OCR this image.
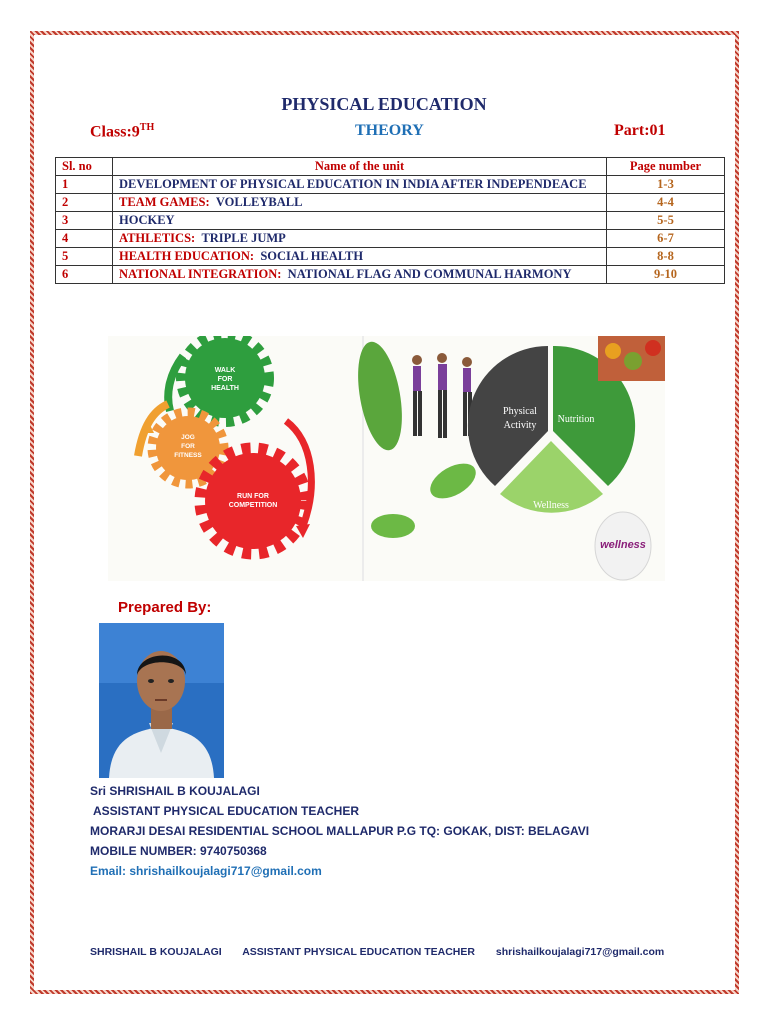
PHYSICAL EDUCATION
Class:9TH	THEORY	Part:01
Sl. no	Name of the unit	Page number
1	DEVELOPMENT OF PHYSICAL EDUCATION IN INDIA AFTER INDEPENDEACE	1-3
2	TEAM GAMES: VOLLEYBALL	4-4
3	HOCKEY	5-5
4	ATHLETICS: TRIPLE JUMP	6-7
5	HEALTH EDUCATION: SOCIAL HEALTH	8-8
6	NATIONAL INTEGRATION: NATIONAL FLAG AND COMMUNAL HARMONY	9-10
WALK
FOR
HEALTH
JOG
FOR
FITNESS
RUN FOR
COMPETITION
Physical
Activity
Nutrition
Wellness
wellness
Prepared By:
Sri SHRISHAIL B KOUJALAGI
ASSISTANT PHYSICAL EDUCATION TEACHER
MORARJI DESAI RESIDENTIAL SCHOOL MALLAPUR P.G TQ: GOKAK, DIST: BELAGAVI
MOBILE NUMBER: 9740750368
Email: shrishailkoujalagi717@gmail.com
SHRISHAIL B KOUJALAGI ASSISTANT PHYSICAL EDUCATION TEACHER shrishailkoujalagi717@gmail.com
